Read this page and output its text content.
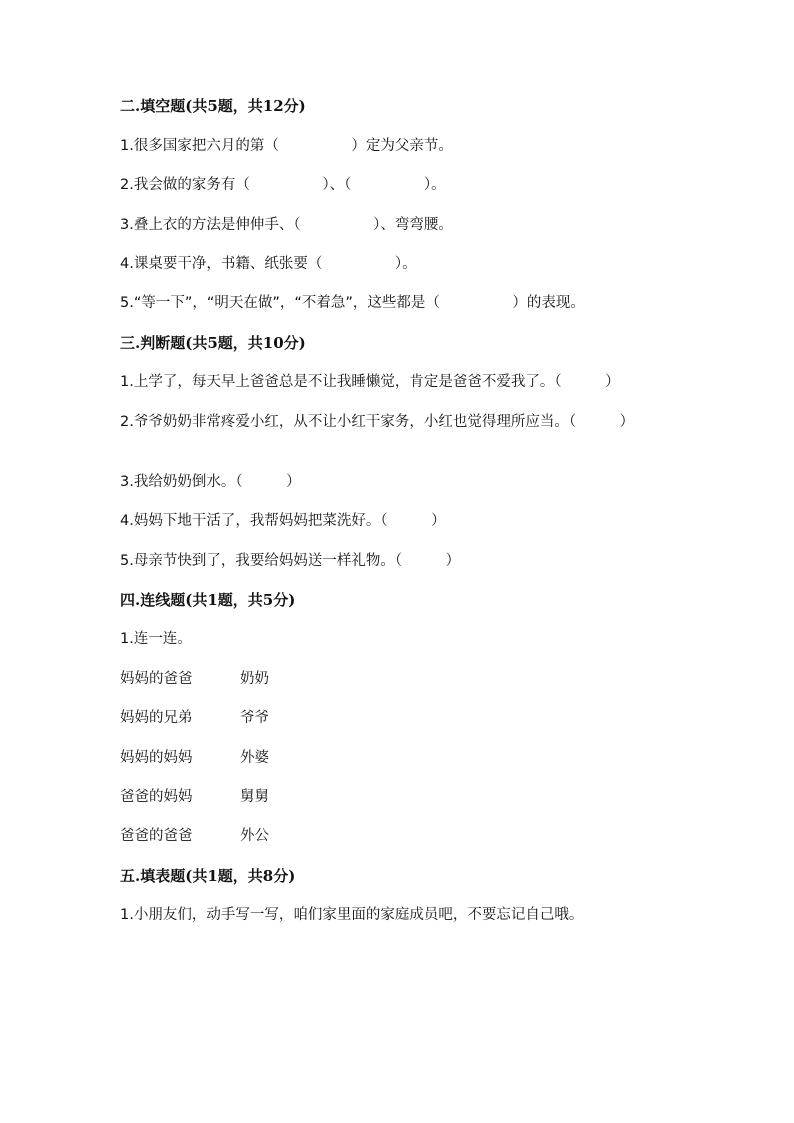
二.填空题(共5题，共12分)
1.很多国家把六月的第（　　　　　）定为父亲节。
2.我会做的家务有（　　　　　）、（　　　　　）。
3.叠上衣的方法是伸伸手、（　　　　　）、弯弯腰。
4.课桌要干净，书籍、纸张要（　　　　　）。
5.“等一下”，“明天在做”，“不着急”，这些都是（　　　　　）的表现。
三.判断题(共5题，共10分)
1.上学了，每天早上爸爸总是不让我睡懒觉，肯定是爸爸不爱我了。（　　　）
2.爷爷奶奶非常疼爱小红，从不让小红干家务，小红也觉得理所应当。（　　　）
3.我给奶奶倒水。（　　　）
4.妈妈下地干活了，我帮妈妈把菜洗好。（　　　）
5.母亲节快到了，我要给妈妈送一样礼物。（　　　）
四.连线题(共1题，共5分)
1.连一连。
妈妈的爸爸	奶奶
妈妈的兄弟	爷爷
妈妈的妈妈	外婆
爸爸的妈妈	舅舅
爸爸的爸爸	外公
五.填表题(共1题，共8分)
1.小朋友们，动手写一写，咱们家里面的家庭成员吧，不要忘记自己哦。
